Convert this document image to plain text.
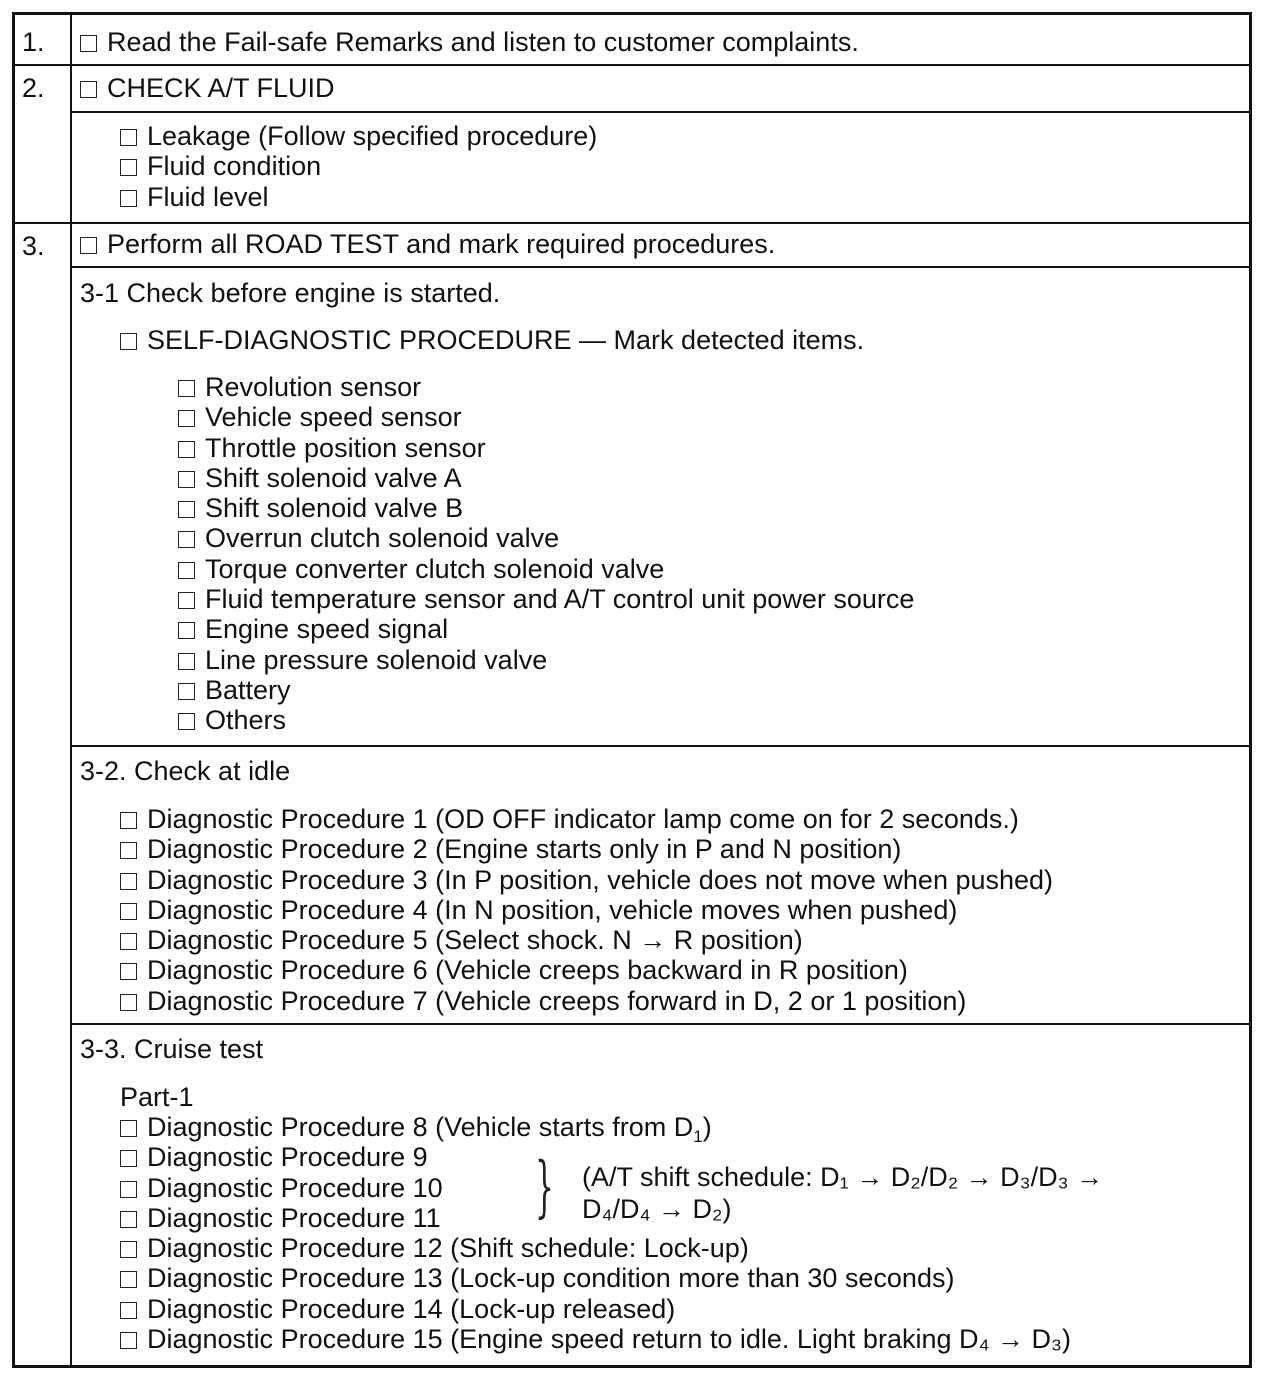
1.	Read the Fail-safe Remarks and listen to customer complaints.
2.	CHECK A/T FLUID
Leakage (Follow specified procedure)
Fluid condition
Fluid level
3.	Perform all ROAD TEST and mark required procedures.
3-1 Check before engine is started.
SELF-DIAGNOSTIC PROCEDURE — Mark detected items.
Revolution sensor
Vehicle speed sensor
Throttle position sensor
Shift solenoid valve A
Shift solenoid valve B
Overrun clutch solenoid valve
Torque converter clutch solenoid valve
Fluid temperature sensor and A/T control unit power source
Engine speed signal
Line pressure solenoid valve
Battery
Others
3-2. Check at idle
Diagnostic Procedure 1 (OD OFF indicator lamp come on for 2 seconds.)
Diagnostic Procedure 2 (Engine starts only in P and N position)
Diagnostic Procedure 3 (In P position, vehicle does not move when pushed)
Diagnostic Procedure 4 (In N position, vehicle moves when pushed)
Diagnostic Procedure 5 (Select shock. N → R position)
Diagnostic Procedure 6 (Vehicle creeps backward in R position)
Diagnostic Procedure 7 (Vehicle creeps forward in D, 2 or 1 position)
3-3. Cruise test
Part-1
Diagnostic Procedure 8 (Vehicle starts from $D_1$)
Diagnostic Procedure 9
Diagnostic Procedure 10
Diagnostic Procedure 11
Diagnostic Procedure 12 (Shift schedule: Lock-up)
Diagnostic Procedure 13 (Lock-up condition more than 30 seconds)
Diagnostic Procedure 14 (Lock-up released)
Diagnostic Procedure 15 (Engine speed return to idle. Light braking D₄ → D₃)
} (A/T shift schedule: D₁ → D₂/D₂ → D₃/D₃ →
D₄/D₄ → D₂)
